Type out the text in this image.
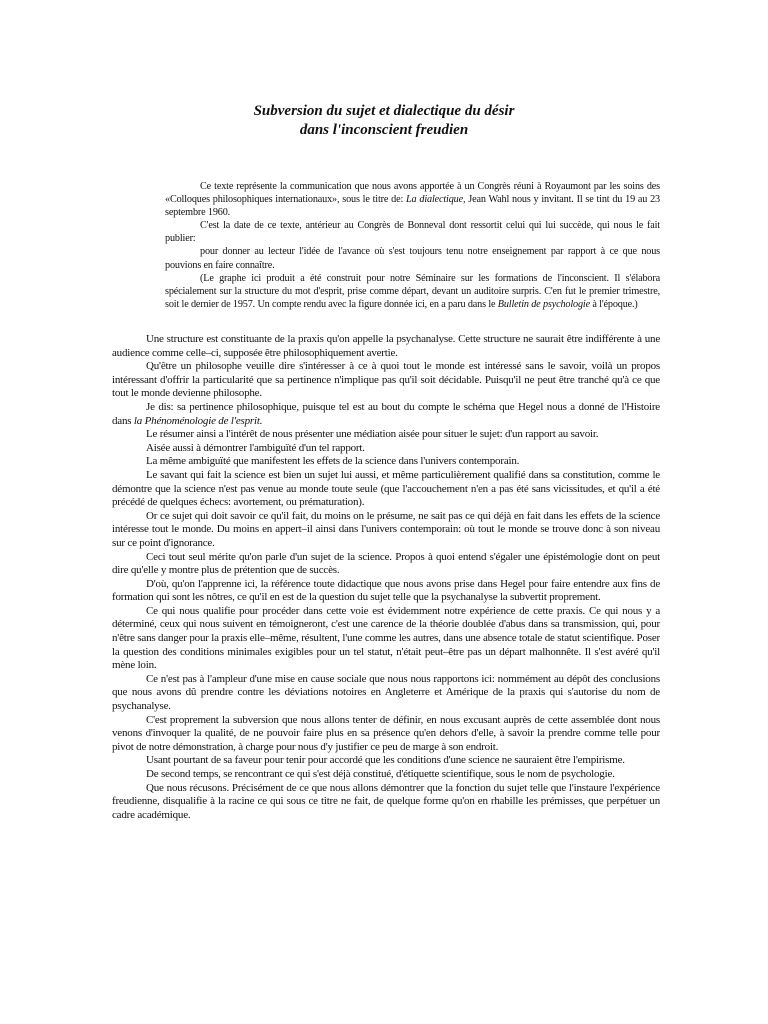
Subversion du sujet et dialectique du désir
dans l'inconscient freudien

Ce texte représente la communication que nous avons apportée à un Congrès réuni à Royaumont par les soins des «Colloques philosophiques internationaux», sous le titre de: La dialectique, Jean Wahl nous y invitant. Il se tint du 19 au 23 septembre 1960.

C'est la date de ce texte, antérieur au Congrès de Bonneval dont ressortit celui qui lui succède, qui nous le fait publier:

pour donner au lecteur l'idée de l'avance où s'est toujours tenu notre enseignement par rapport à ce que nous pouvions en faire connaître.

(Le graphe ici produit a été construit pour notre Séminaire sur les formations de l'inconscient. Il s'élabora spécialement sur la structure du mot d'esprit, prise comme départ, devant un auditoire surpris. C'en fut le premier trimestre, soit le dernier de 1957. Un compte rendu avec la figure donnée ici, en a paru dans le Bulletin de psychologie à l'époque.)

Une structure est constituante de la praxis qu'on appelle la psychanalyse. Cette structure ne saurait être indifférente à une audience comme celle–ci, supposée être philosophiquement avertie.

Qu'être un philosophe veuille dire s'intéresser à ce à quoi tout le monde est intéressé sans le savoir, voilà un propos intéressant d'offrir la particularité que sa pertinence n'implique pas qu'il soit décidable. Puisqu'il ne peut être tranché qu'à ce que tout le monde devienne philosophe.

Je dis: sa pertinence philosophique, puisque tel est au bout du compte le schéma que Hegel nous a donné de l'Histoire dans la Phénoménologie de l'esprit.

Le résumer ainsi a l'intérêt de nous présenter une médiation aisée pour situer le sujet: d'un rapport au savoir.

Aisée aussi à démontrer l'ambiguïté d'un tel rapport.

La même ambiguïté que manifestent les effets de la science dans l'univers contemporain.

Le savant qui fait la science est bien un sujet lui aussi, et même particulièrement qualifié dans sa constitution, comme le démontre que la science n'est pas venue au monde toute seule (que l'accouchement n'en a pas été sans vicissitudes, et qu'il a été précédé de quelques échecs: avortement, ou prématuration).

Or ce sujet qui doit savoir ce qu'il fait, du moins on le présume, ne sait pas ce qui déjà en fait dans les effets de la science intéresse tout le monde. Du moins en appert–il ainsi dans l'univers contemporain: où tout le monde se trouve donc à son niveau sur ce point d'ignorance.

Ceci tout seul mérite qu'on parle d'un sujet de la science. Propos à quoi entend s'égaler une épistémologie dont on peut dire qu'elle y montre plus de prétention que de succès.

D'où, qu'on l'apprenne ici, la référence toute didactique que nous avons prise dans Hegel pour faire entendre aux fins de formation qui sont les nôtres, ce qu'il en est de la question du sujet telle que la psychanalyse la subvertit proprement.

Ce qui nous qualifie pour procéder dans cette voie est évidemment notre expérience de cette praxis. Ce qui nous y a déterminé, ceux qui nous suivent en témoigneront, c'est une carence de la théorie doublée d'abus dans sa transmission, qui, pour n'être sans danger pour la praxis elle–même, résultent, l'une comme les autres, dans une absence totale de statut scientifique. Poser la question des conditions minimales exigibles pour un tel statut, n'était peut–être pas un départ malhonnête. Il s'est avéré qu'il mène loin.

Ce n'est pas à l'ampleur d'une mise en cause sociale que nous nous rapportons ici: nommément au dépôt des conclusions que nous avons dû prendre contre les déviations notoires en Angleterre et Amérique de la praxis qui s'autorise du nom de psychanalyse.

C'est proprement la subversion que nous allons tenter de définir, en nous excusant auprès de cette assemblée dont nous venons d'invoquer la qualité, de ne pouvoir faire plus en sa présence qu'en dehors d'elle, à savoir la prendre comme telle pour pivot de notre démonstration, à charge pour nous d'y justifier ce peu de marge à son endroit.

Usant pourtant de sa faveur pour tenir pour accordé que les conditions d'une science ne sauraient être l'empirisme.

De second temps, se rencontrant ce qui s'est déjà constitué, d'étiquette scientifique, sous le nom de psychologie.

Que nous récusons. Précisément de ce que nous allons démontrer que la fonction du sujet telle que l'instaure l'expérience freudienne, disqualifie à la racine ce qui sous ce titre ne fait, de quelque forme qu'on en rhabille les prémisses, que perpétuer un cadre académique.
